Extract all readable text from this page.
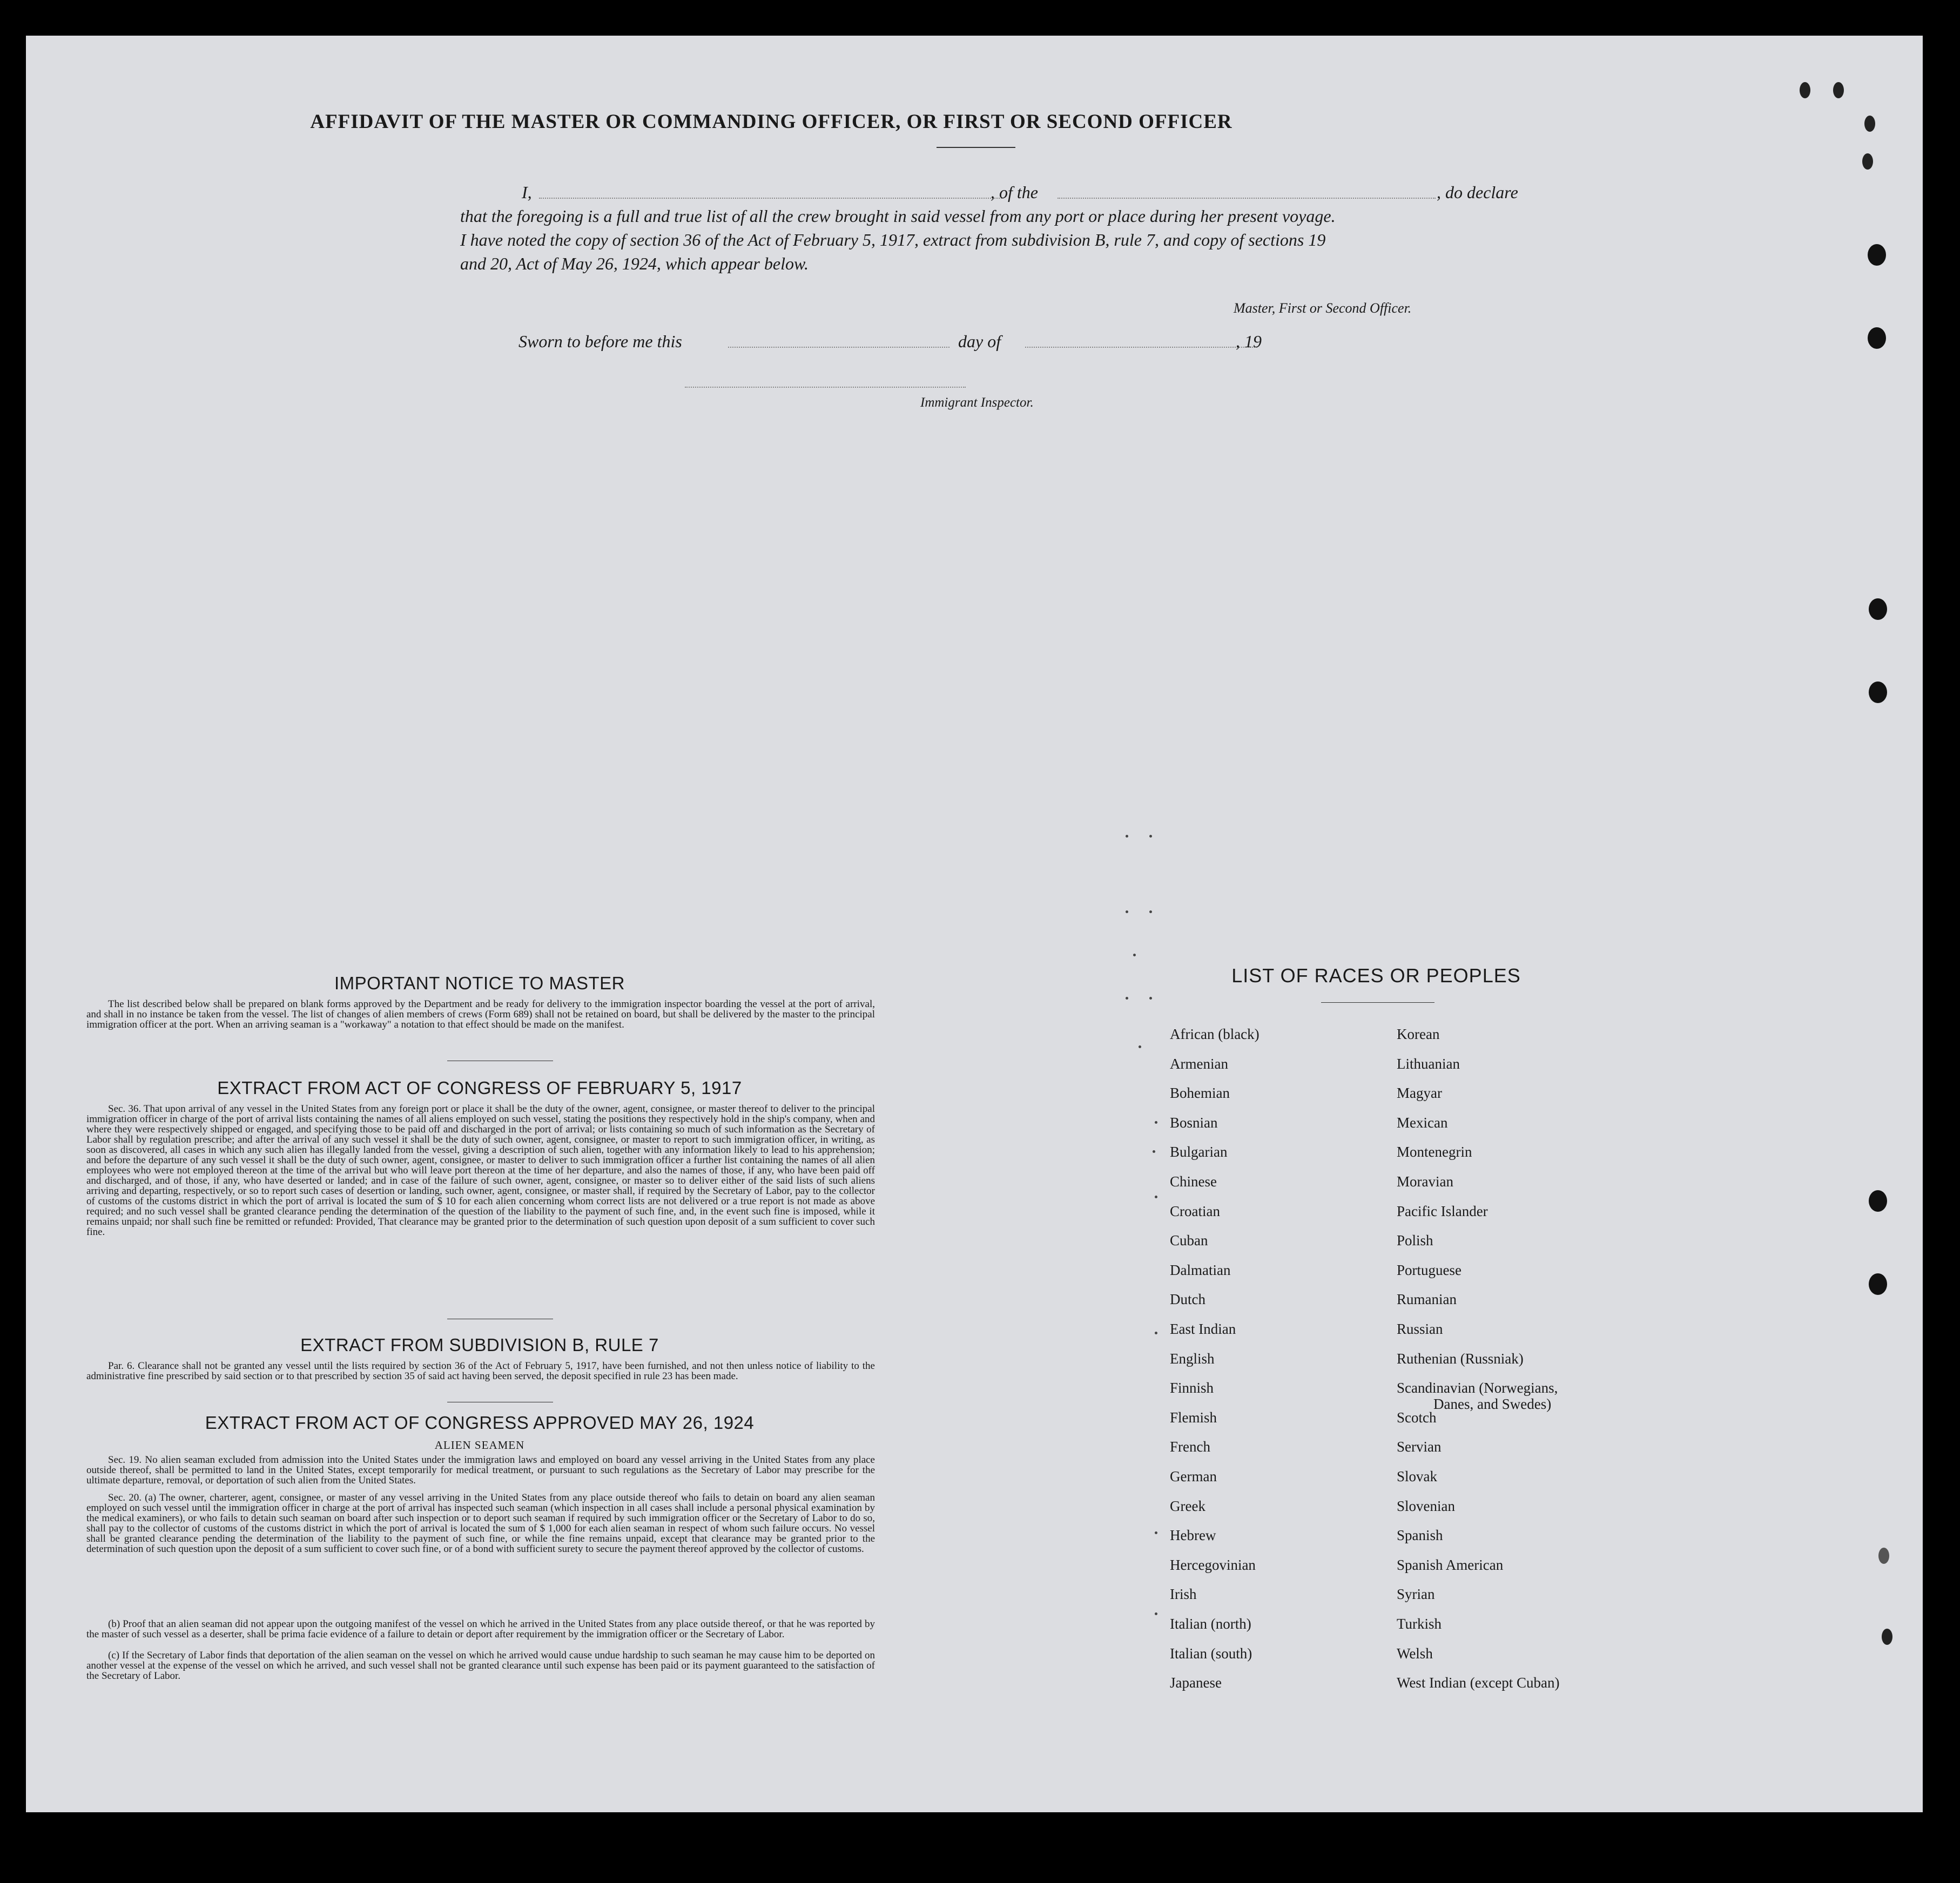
AFFIDAVIT OF THE MASTER OR COMMANDING OFFICER, OR FIRST OR SECOND OFFICER
I,	, of the	, do declare
that the foregoing is a full and true list of all the crew brought in said vessel from any port or place during her present voyage.
I have noted the copy of section 36 of the Act of February 5, 1917, extract from subdivision B, rule 7, and copy of sections 19
and 20, Act of May 26, 1924, which appear below.
Master, First or Second Officer.
Sworn to before me this	day of	, 19
Immigrant Inspector.
IMPORTANT NOTICE TO MASTER
The list described below shall be prepared on blank forms approved by the Department and be ready for delivery to the immigration inspector boarding the vessel at the port of arrival, and shall in no instance be taken from the vessel. The list of changes of alien members of crews (Form 689) shall not be retained on board, but shall be delivered by the master to the principal immigration officer at the port. When an arriving seaman is a "workaway" a notation to that effect should be made on the manifest.
EXTRACT FROM ACT OF CONGRESS OF FEBRUARY 5, 1917
Sec. 36. That upon arrival of any vessel in the United States from any foreign port or place it shall be the duty of the owner, agent, consignee, or master thereof to deliver to the principal immigration officer in charge of the port of arrival lists containing the names of all aliens employed on such vessel, stating the positions they respectively hold in the ship's company, when and where they were respectively shipped or engaged, and specifying those to be paid off and discharged in the port of arrival; or lists containing so much of such information as the Secretary of Labor shall by regulation prescribe; and after the arrival of any such vessel it shall be the duty of such owner, agent, consignee, or master to report to such immigration officer, in writing, as soon as discovered, all cases in which any such alien has illegally landed from the vessel, giving a description of such alien, together with any information likely to lead to his apprehension; and before the departure of any such vessel it shall be the duty of such owner, agent, consignee, or master to deliver to such immigration officer a further list containing the names of all alien employees who were not employed thereon at the time of the arrival but who will leave port thereon at the time of her departure, and also the names of those, if any, who have been paid off and discharged, and of those, if any, who have deserted or landed; and in case of the failure of such owner, agent, consignee, or master so to deliver either of the said lists of such aliens arriving and departing, respectively, or so to report such cases of desertion or landing, such owner, agent, consignee, or master shall, if required by the Secretary of Labor, pay to the collector of customs of the customs district in which the port of arrival is located the sum of $ 10 for each alien concerning whom correct lists are not delivered or a true report is not made as above required; and no such vessel shall be granted clearance pending the determination of the question of the liability to the payment of such fine, and, in the event such fine is imposed, while it remains unpaid; nor shall such fine be remitted or refunded: Provided, That clearance may be granted prior to the determination of such question upon deposit of a sum sufficient to cover such fine.
EXTRACT FROM SUBDIVISION B, RULE 7
Par. 6. Clearance shall not be granted any vessel until the lists required by section 36 of the Act of February 5, 1917, have been furnished, and not then unless notice of liability to the administrative fine prescribed by said section or to that prescribed by section 35 of said act having been served, the deposit specified in rule 23 has been made.
EXTRACT FROM ACT OF CONGRESS APPROVED MAY 26, 1924
ALIEN SEAMEN
Sec. 19. No alien seaman excluded from admission into the United States under the immigration laws and employed on board any vessel arriving in the United States from any place outside thereof, shall be permitted to land in the United States, except temporarily for medical treatment, or pursuant to such regulations as the Secretary of Labor may prescribe for the ultimate departure, removal, or deportation of such alien from the United States.
Sec. 20. (a) The owner, charterer, agent, consignee, or master of any vessel arriving in the United States from any place outside thereof who fails to detain on board any alien seaman employed on such vessel until the immigration officer in charge at the port of arrival has inspected such seaman (which inspection in all cases shall include a personal physical examination by the medical examiners), or who fails to detain such seaman on board after such inspection or to deport such seaman if required by such immigration officer or the Secretary of Labor to do so, shall pay to the collector of customs of the customs district in which the port of arrival is located the sum of $ 1,000 for each alien seaman in respect of whom such failure occurs. No vessel shall be granted clearance pending the determination of the liability to the payment of such fine, or while the fine remains unpaid, except that clearance may be granted prior to the determination of such question upon the deposit of a sum sufficient to cover such fine, or of a bond with sufficient surety to secure the payment thereof approved by the collector of customs.
(b) Proof that an alien seaman did not appear upon the outgoing manifest of the vessel on which he arrived in the United States from any place outside thereof, or that he was reported by the master of such vessel as a deserter, shall be prima facie evidence of a failure to detain or deport after requirement by the immigration officer or the Secretary of Labor.
(c) If the Secretary of Labor finds that deportation of the alien seaman on the vessel on which he arrived would cause undue hardship to such seaman he may cause him to be deported on another vessel at the expense of the vessel on which he arrived, and such vessel shall not be granted clearance until such expense has been paid or its payment guaranteed to the satisfaction of the Secretary of Labor.
LIST OF RACES OR PEOPLES
African (black)
Armenian
Bohemian
Bosnian
Bulgarian
Chinese
Croatian
Cuban
Dalmatian
Dutch
East Indian
English
Finnish
Flemish
French
German
Greek
Hebrew
Hercegovinian
Irish
Italian (north)
Italian (south)
Japanese
Korean
Lithuanian
Magyar
Mexican
Montenegrin
Moravian
Pacific Islander
Polish
Portuguese
Rumanian
Russian
Ruthenian (Russniak)
Scandinavian (Norwegians,
Danes, and Swedes)
Scotch
Servian
Slovak
Slovenian
Spanish
Spanish American
Syrian
Turkish
Welsh
West Indian (except Cuban)
